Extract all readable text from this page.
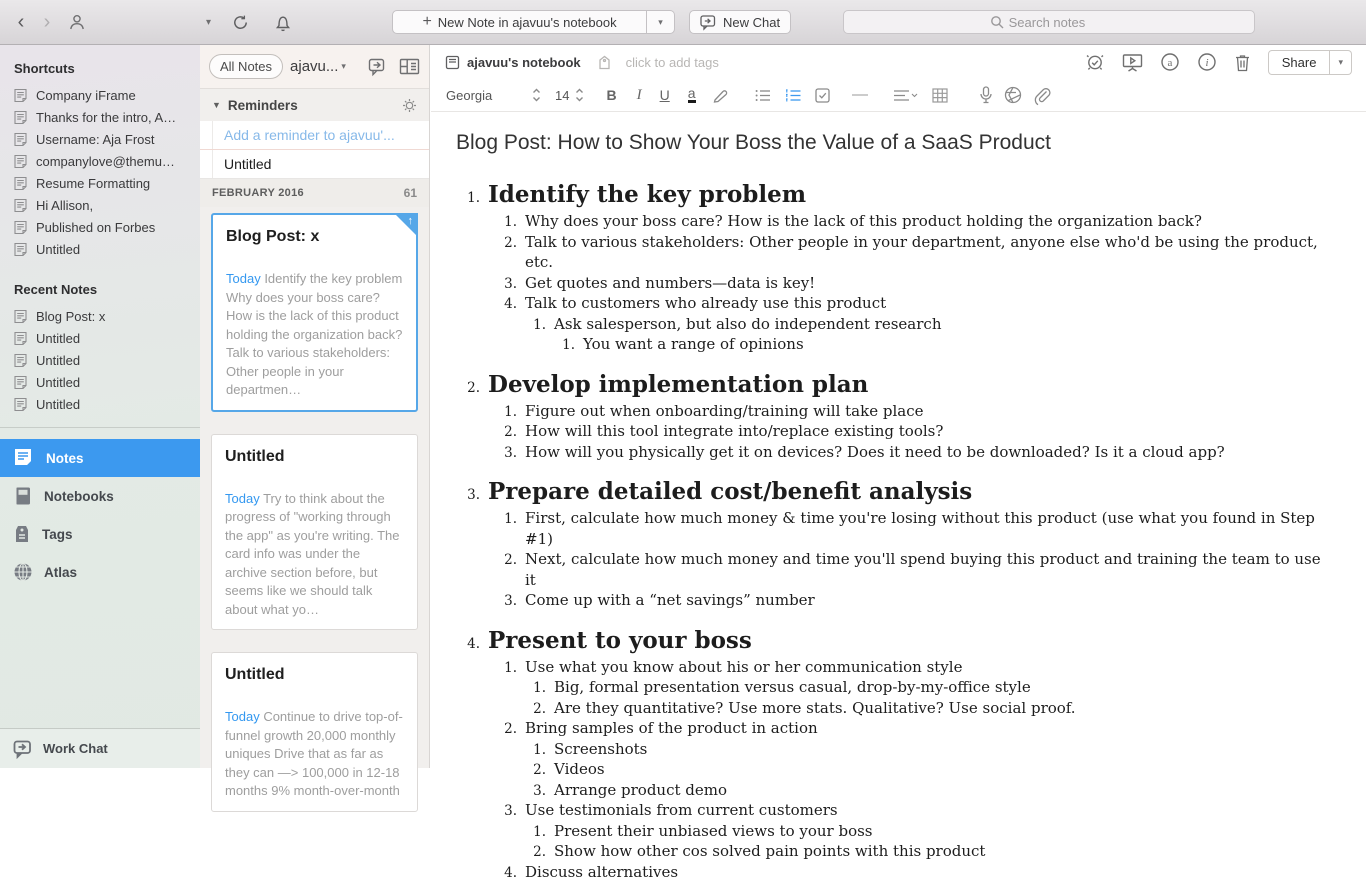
‹ ›	▾	+ New Note in ajavuu's notebook	▾	New Chat
Search notes
Shortcuts
Company iFrame
Thanks for the intro, A…
Username: Aja Frost
companylove@themu…
Resume Formatting
Hi Allison,
Published on Forbes
Untitled
Recent Notes
Blog Post: x
Untitled
Untitled
Untitled
Untitled
Notes
Notebooks
Tags
Atlas
Work Chat
All Notes	ajavu... ▾
▼ Reminders
Add a reminder to ajavuu'...
Untitled
FEBRUARY 2016	61
↑
Blog Post: x
Today Identify the key problem Why does your boss care? How is the lack of this product holding the organization back? Talk to various stakeholders: Other people in your departmen…
Untitled
Today Try to think about the progress of "working through the app" as you're writing. The card info was under the archive section before, but seems like we should talk about what yo…
Untitled
Today Continue to drive top-of-funnel growth 20,000 monthly uniques Drive that as far as they can —> 100,000 in 12-18 months 9% month-over-month
ajavuu's notebook	click to add tags	a	i	Share	▾
Georgia	14	B I U a
Blog Post: How to Show Your Boss the Value of a SaaS Product
1. Identify the key problem
1. Why does your boss care? How is the lack of this product holding the organization back?
2. Talk to various stakeholders: Other people in your department, anyone else who'd be using the product, etc.
3. Get quotes and numbers—data is key!
4. Talk to customers who already use this product
1. Ask salesperson, but also do independent research
1. You want a range of opinions
2. Develop implementation plan
1. Figure out when onboarding/training will take place
2. How will this tool integrate into/replace existing tools?
3. How will you physically get it on devices? Does it need to be downloaded? Is it a cloud app?
3. Prepare detailed cost/benefit analysis
1. First, calculate how much money & time you're losing without this product (use what you found in Step #1)
2. Next, calculate how much money and time you'll spend buying this product and training the team to use it
3. Come up with a “net savings” number
4. Present to your boss
1. Use what you know about his or her communication style
1. Big, formal presentation versus casual, drop-by-my-office style
2. Are they quantitative? Use more stats. Qualitative? Use social proof.
2. Bring samples of the product in action
1. Screenshots
2. Videos
3. Arrange product demo
3. Use testimonials from current customers
1. Present their unbiased views to your boss
2. Show how other cos solved pain points with this product
4. Discuss alternatives
